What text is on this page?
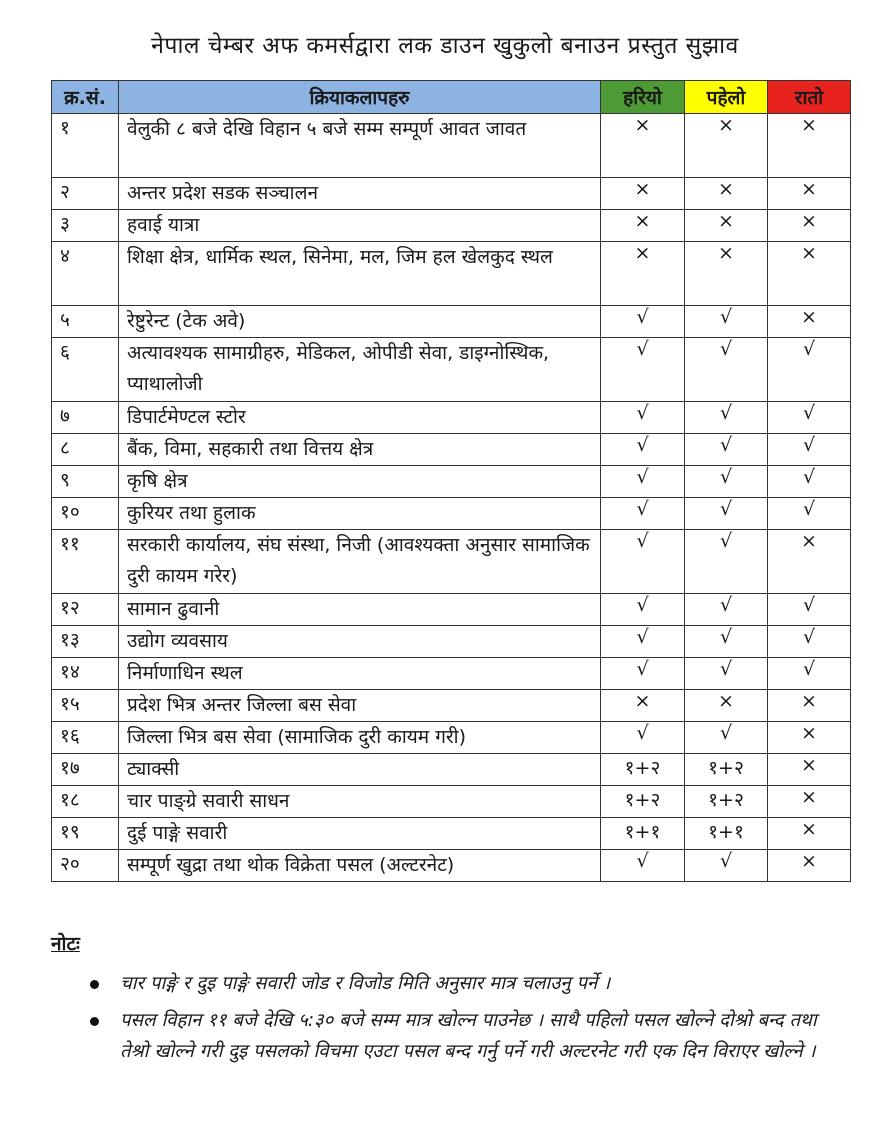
नेपाल चेम्बर अफ कमर्सद्वारा लक डाउन खुकुलो बनाउन प्रस्तुत सुझाव
क्र.सं.	क्रियाकलापहरु	हरियो	पहेलो	रातो
१	वेलुकी ८ बजे देखि विहान ५ बजे सम्म सम्पूर्ण आवत जावत	×	×	×
२	अन्तर प्रदेश सडक सञ्चालन	×	×	×
३	हवाई यात्रा	×	×	×
४	शिक्षा क्षेत्र, धार्मिक स्थल, सिनेमा, मल, जिम हल खेलकुद स्थल	×	×	×
५	रेष्टुरेन्ट (टेक अवे)	√	√	×
६	अत्यावश्यक सामाग्रीहरु, मेडिकल, ओपीडी सेवा, डाइग्नोस्थिक, प्याथालोजी	√	√	√
७	डिपार्टमेण्टल स्टोर	√	√	√
८	बैंक, विमा, सहकारी तथा वित्तय क्षेत्र	√	√	√
९	कृषि क्षेत्र	√	√	√
१०	कुरियर तथा हुलाक	√	√	√
११	सरकारी कार्यालय, संघ संस्था, निजी (आवश्यक्ता अनुसार सामाजिक दुरी कायम गरेर)	√	√	×
१२	सामान ढुवानी	√	√	√
१३	उद्योग व्यवसाय	√	√	√
१४	निर्माणाधिन स्थल	√	√	√
१५	प्रदेश भित्र अन्तर जिल्ला बस सेवा	×	×	×
१६	जिल्ला भित्र बस सेवा (सामाजिक दुरी कायम गरी)	√	√	×
१७	ट्याक्सी	१+२	१+२	×
१८	चार पाङ्ग्रे सवारी साधन	१+२	१+२	×
१९	दुई पाङ्गे सवारी	१+१	१+१	×
२०	सम्पूर्ण खुद्रा तथा थोक विक्रेता पसल (अल्टरनेट)	√	√	×
नोटः
चार पाङ्गे र दुइ पाङ्गे सवारी जोड र विजोड मिति अनुसार मात्र चलाउनु पर्ने ।
पसल विहान ११ बजे देखि ५:३० बजे सम्म मात्र खोल्न पाउनेछ । साथै पहिलो पसल खोल्ने दोश्रो बन्द तथा तेश्रो खोल्ने गरी दुइ पसलको विचमा एउटा पसल बन्द गर्नु पर्ने गरी अल्टरनेट गरी एक दिन विराएर खोल्ने ।
